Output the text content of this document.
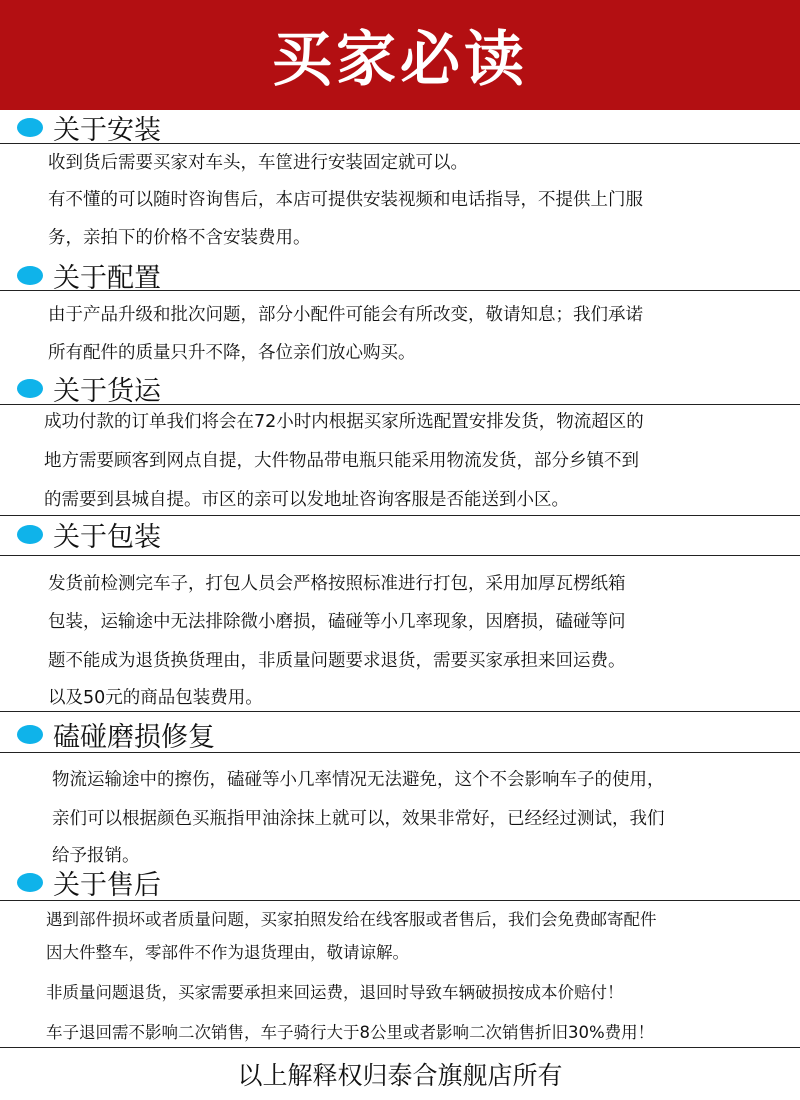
买家必读
关于安装
收到货后需要买家对车头，车筐进行安装固定就可以。
有不懂的可以随时咨询售后，本店可提供安装视频和电话指导，不提供上门服
务，亲拍下的价格不含安装费用。
关于配置
由于产品升级和批次问题，部分小配件可能会有所改变，敬请知息；我们承诺
所有配件的质量只升不降，各位亲们放心购买。
关于货运
成功付款的订单我们将会在72小时内根据买家所选配置安排发货，物流超区的
地方需要顾客到网点自提，大件物品带电瓶只能采用物流发货，部分乡镇不到
的需要到县城自提。市区的亲可以发地址咨询客服是否能送到小区。
关于包装
发货前检测完车子，打包人员会严格按照标准进行打包，采用加厚瓦楞纸箱
包装，运输途中无法排除微小磨损，磕碰等小几率现象，因磨损，磕碰等问
题不能成为退货换货理由，非质量问题要求退货，需要买家承担来回运费。
以及50元的商品包装费用。
磕碰磨损修复
物流运输途中的擦伤，磕碰等小几率情况无法避免，这个不会影响车子的使用，
亲们可以根据颜色买瓶指甲油涂抹上就可以，效果非常好，已经经过测试，我们
给予报销。
关于售后
遇到部件损坏或者质量问题，买家拍照发给在线客服或者售后，我们会免费邮寄配件
因大件整车，零部件不作为退货理由，敬请谅解。
非质量问题退货，买家需要承担来回运费，退回时导致车辆破损按成本价赔付！
车子退回需不影响二次销售，车子骑行大于8公里或者影响二次销售折旧30%费用！
以上解释权归泰合旗舰店所有
